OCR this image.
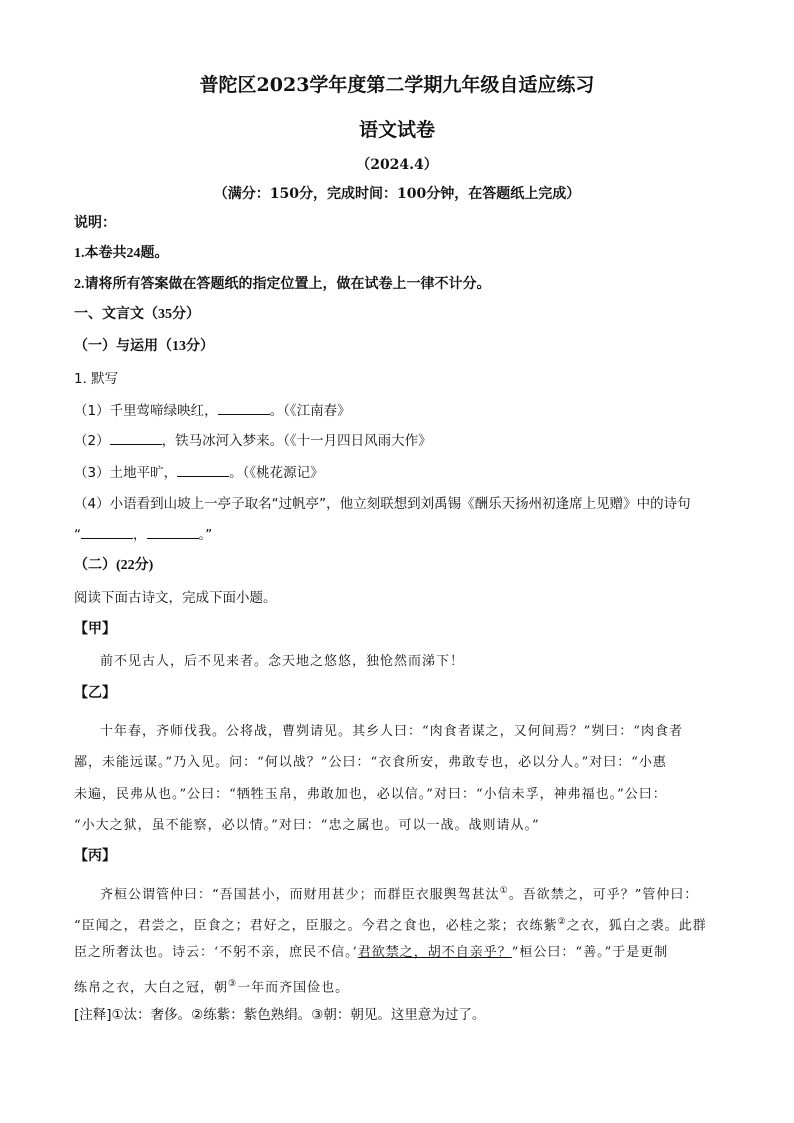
普陀区2023学年度第二学期九年级自适应练习
语文试卷
（2024.4）
（满分：150分，完成时间：100分钟，在答题纸上完成）
说明：
1.本卷共24题。
2.请将所有答案做在答题纸的指定位置上，做在试卷上一律不计分。
一、文言文（35分）
（一）与运用（13分）
1. 默写
（1）千里莺啼绿映红，	。（《江南春》
（2）	，铁马冰河入梦来。（《十一月四日风雨大作》
（3）土地平旷，	。（《桃花源记》
（4）小语看到山坡上一亭子取名“过帆亭”，他立刻联想到刘禹锡《酬乐天扬州初逢席上见赠》中的诗句
“	，	。”
（二）(22分)
阅读下面古诗文，完成下面小题。
【甲】
前不见古人，后不见来者。念天地之悠悠，独怆然而涕下！
【乙】
十年春，齐师伐我。公将战，曹刿请见。其乡人曰：“肉食者谋之，又何间焉？”刿曰：“肉食者
鄙，未能远谋。”乃入见。问：“何以战？”公曰：“衣食所安，弗敢专也，必以分人。”对曰：“小惠
未遍，民弗从也。”公曰：“牺牲玉帛，弗敢加也，必以信。”对曰：“小信未孚，神弗福也。”公曰：
“小大之狱，虽不能察，必以情。”对曰：“忠之属也。可以一战。战则请从。”
【丙】
齐桓公谓管仲曰：“吾国甚小，而财用甚少；而群臣衣服舆驾甚汰①。吾欲禁之，可乎？”管仲曰：
“臣闻之，君尝之，臣食之；君好之，臣服之。今君之食也，必桂之浆；衣练紫②之衣，狐白之裘。此群
臣之所奢汰也。诗云：‘不躬不亲，庶民不信。’君欲禁之，胡不自亲乎？”桓公曰：“善。”于是更制
练帛之衣，大白之冠，朝③一年而齐国俭也。
[注释]①汰：奢侈。②练紫：紫色熟绢。③朝：朝见。这里意为过了。
